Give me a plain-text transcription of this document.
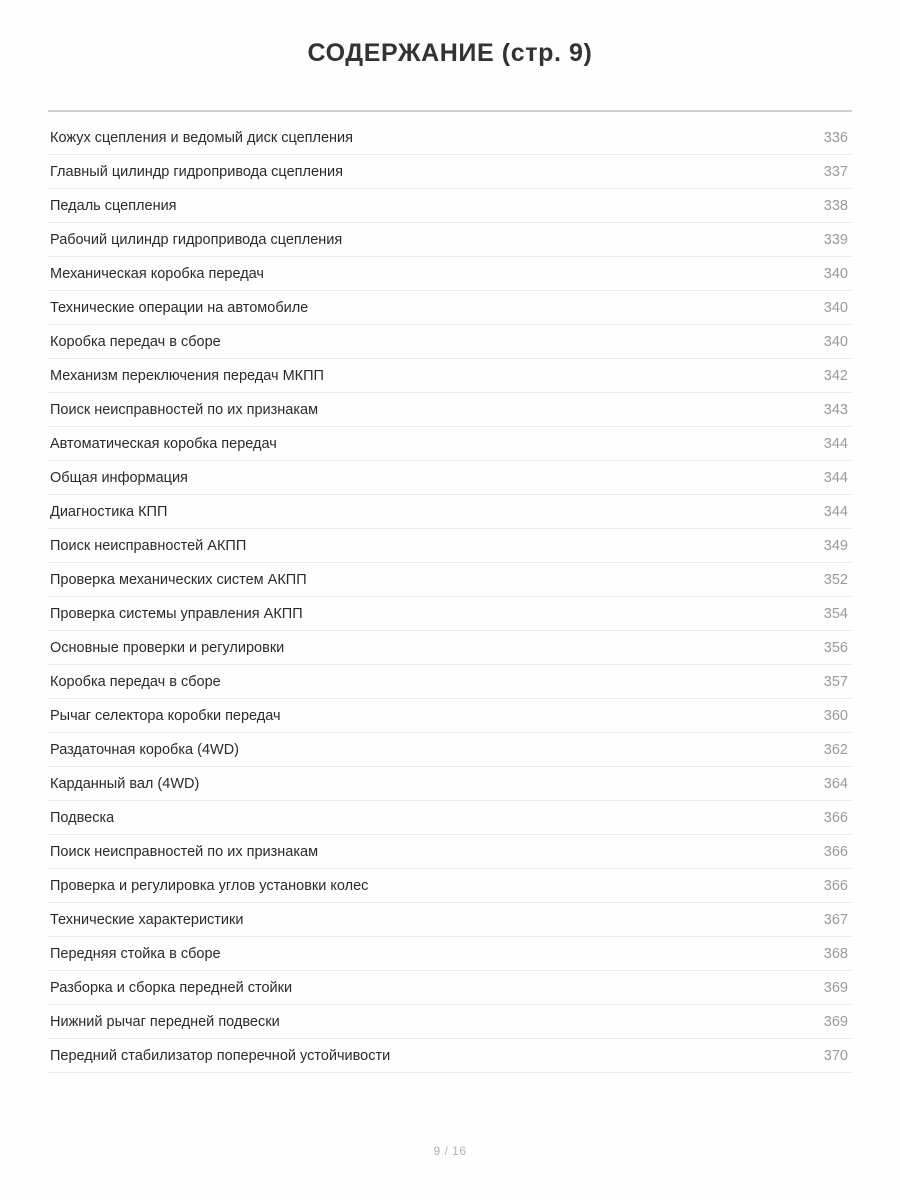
СОДЕРЖАНИЕ (стр. 9)
Кожух сцепления и ведомый диск сцепления	336
Главный цилиндр гидропривода сцепления	337
Педаль сцепления	338
Рабочий цилиндр гидропривода сцепления	339
Механическая коробка передач	340
Технические операции на автомобиле	340
Коробка передач в сборе	340
Механизм переключения передач МКПП	342
Поиск неисправностей по их признакам	343
Автоматическая коробка передач	344
Общая информация	344
Диагностика КПП	344
Поиск неисправностей АКПП	349
Проверка механических систем АКПП	352
Проверка системы управления АКПП	354
Основные проверки и регулировки	356
Коробка передач в сборе	357
Рычаг селектора коробки передач	360
Раздаточная коробка (4WD)	362
Карданный вал (4WD)	364
Подвеска	366
Поиск неисправностей по их признакам	366
Проверка и регулировка углов установки колес	366
Технические характеристики	367
Передняя стойка в сборе	368
Разборка и сборка передней стойки	369
Нижний рычаг передней подвески	369
Передний стабилизатор поперечной устойчивости	370
9 / 16
